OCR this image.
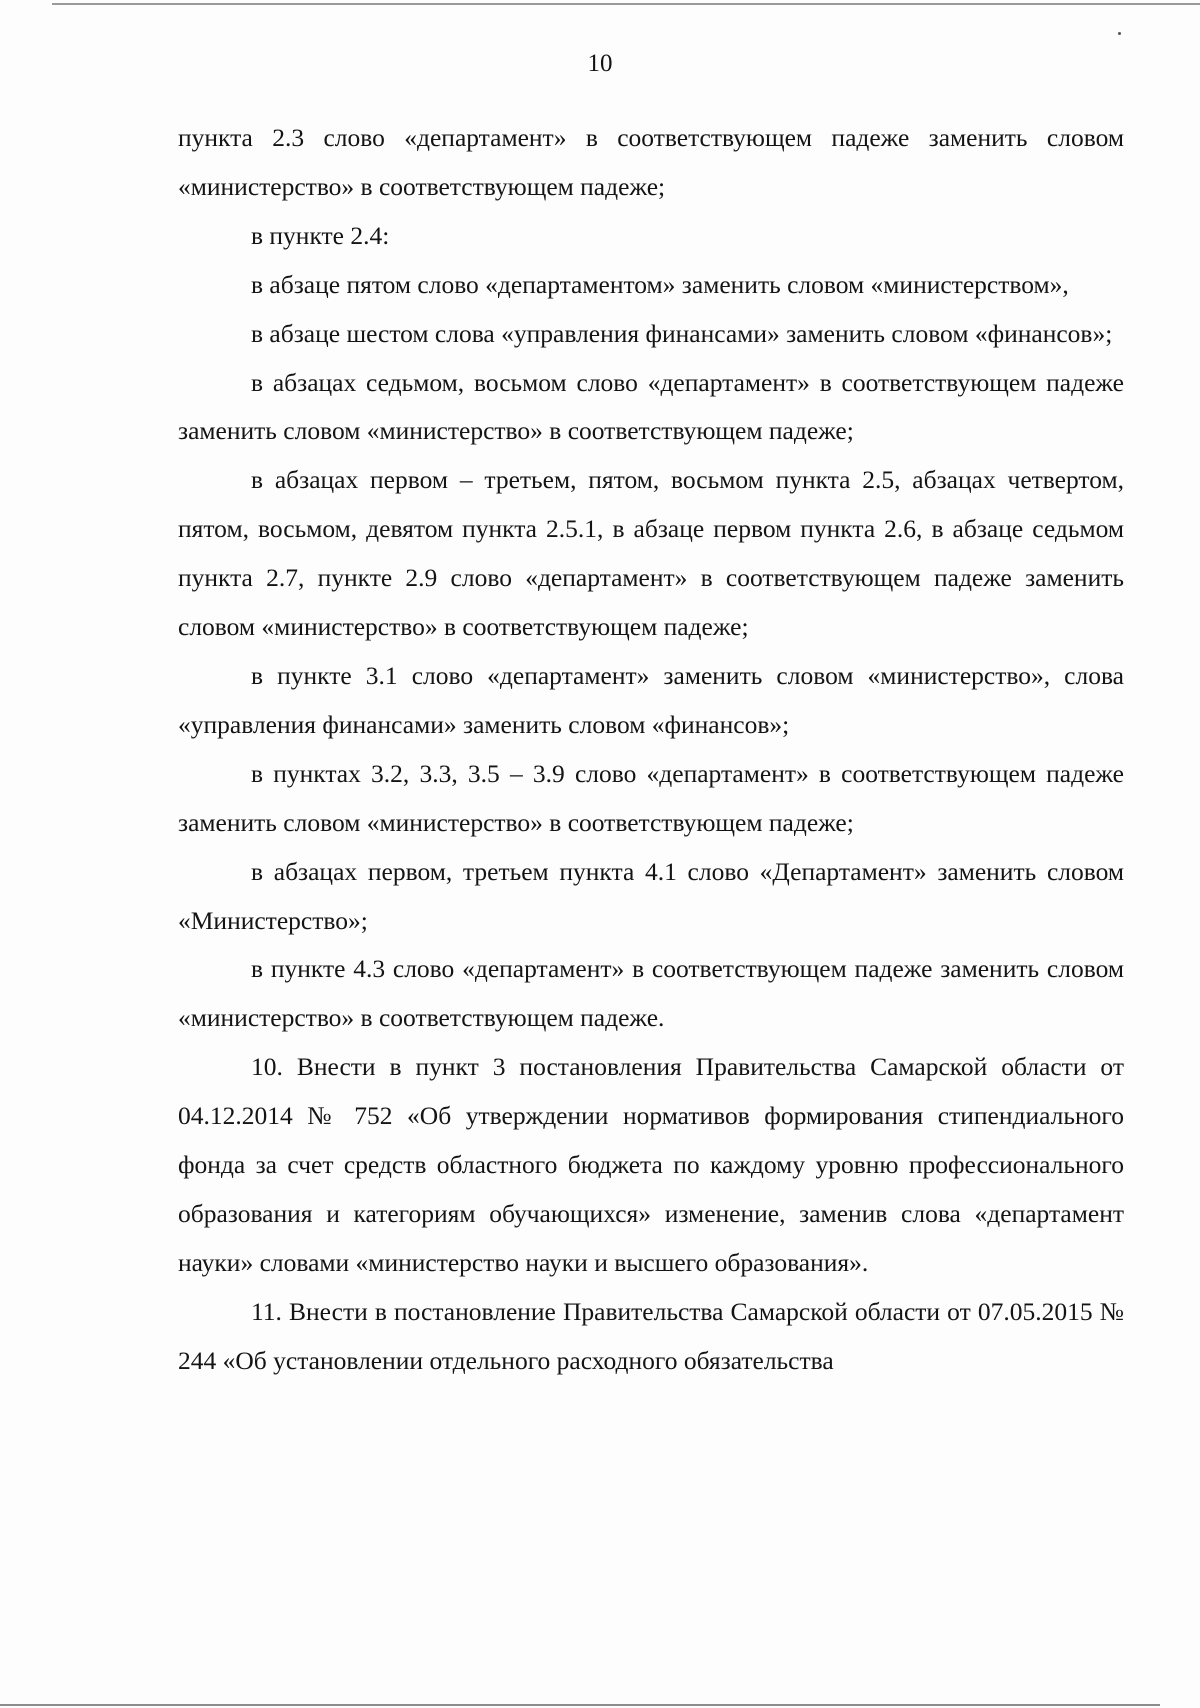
10

пункта 2.3 слово «департамент» в соответствующем падеже заменить словом «министерство» в соответствующем падеже;

в пункте 2.4:

в абзаце пятом слово «департаментом» заменить словом «министерством»,

в абзаце шестом слова «управления финансами» заменить словом «финансов»;

в абзацах седьмом, восьмом слово «департамент» в соответствующем падеже заменить словом «министерство» в соответствующем падеже;

в абзацах первом – третьем, пятом, восьмом пункта 2.5, абзацах четвертом, пятом, восьмом, девятом пункта 2.5.1, в абзаце первом пункта 2.6, в абзаце седьмом пункта 2.7, пункте 2.9 слово «департамент» в соответствующем падеже заменить словом «министерство» в соответствующем падеже;

в пункте 3.1 слово «департамент» заменить словом «министерство», слова «управления финансами» заменить словом «финансов»;

в пунктах 3.2, 3.3, 3.5 – 3.9 слово «департамент» в соответствующем падеже заменить словом «министерство» в соответствующем падеже;

в абзацах первом, третьем пункта 4.1 слово «Департамент» заменить словом «Министерство»;

в пункте 4.3 слово «департамент» в соответствующем падеже заменить словом «министерство» в соответствующем падеже.

10. Внести в пункт 3 постановления Правительства Самарской области от 04.12.2014 № 752 «Об утверждении нормативов формирования стипендиального фонда за счет средств областного бюджета по каждому уровню профессионального образования и категориям обучающихся» изменение, заменив слова «департамент науки» словами «министерство науки и высшего образования».

11. Внести в постановление Правительства Самарской области от 07.05.2015 № 244 «Об установлении отдельного расходного обязательства
